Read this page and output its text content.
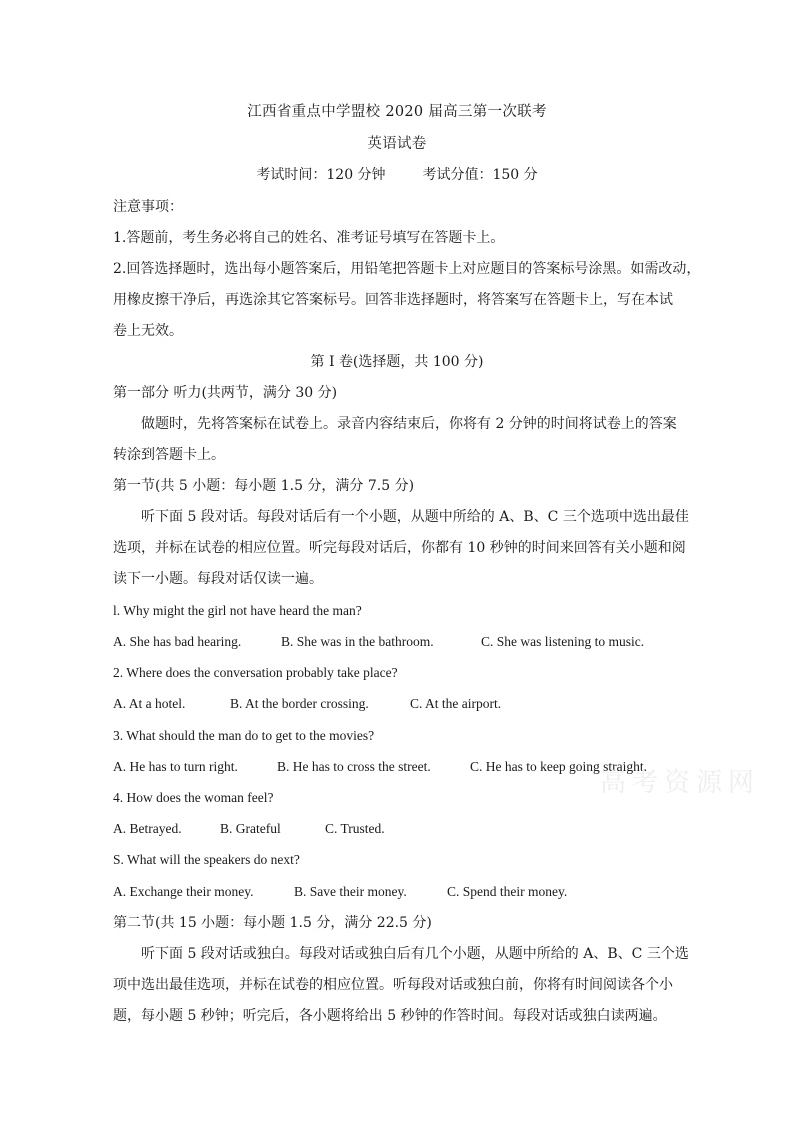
江西省重点中学盟校 2020 届高三第一次联考
英语试卷
考试时间：120 分钟	考试分值：150 分
注意事项：
1.答题前，考生务必将自己的姓名、准考证号填写在答题卡上。
2.回答选择题时，选出每小题答案后，用铅笔把答题卡上对应题目的答案标号涂黑。如需改动，
用橡皮擦干净后，再选涂其它答案标号。回答非选择题时，将答案写在答题卡上，写在本试
卷上无效。
第 I 卷(选择题，共 100 分)
第一部分 听力(共两节，满分 30 分)
做题时，先将答案标在试卷上。录音内容结束后，你将有 2 分钟的时间将试卷上的答案
转涂到答题卡上。
第一节(共 5 小题：每小题 1.5 分，满分 7.5 分)
听下面 5 段对话。每段对话后有一个小题，从题中所给的 A、B、C 三个选项中选出最佳
选项，并标在试卷的相应位置。听完每段对话后，你都有 10 秒钟的时间来回答有关小题和阅
读下一小题。每段对话仅读一遍。
l. Why might the girl not have heard the man?
A. She has bad hearing.	B. She was in the bathroom.	C. She was listening to music.
2. Where does the conversation probably take place?
A. At a hotel.	B. At the border crossing.	C. At the airport.
3. What should the man do to get to the movies?
A. He has to turn right.	B. He has to cross the street.	C. He has to keep going straight.
4. How does the woman feel?
A. Betrayed.	B. Grateful	C. Trusted.
S. What will the speakers do next?
A. Exchange their money.	B. Save their money.	C. Spend their money.
第二节(共 15 小题：每小题 1.5 分，满分 22.5 分)
听下面 5 段对话或独白。每段对话或独白后有几个小题，从题中所给的 A、B、C 三个选
项中选出最佳选项，并标在试卷的相应位置。听每段对话或独白前，你将有时间阅读各个小
题，每小题 5 秒钟；听完后，各小题将给出 5 秒钟的作答时间。每段对话或独白读两遍。
高考资源网
